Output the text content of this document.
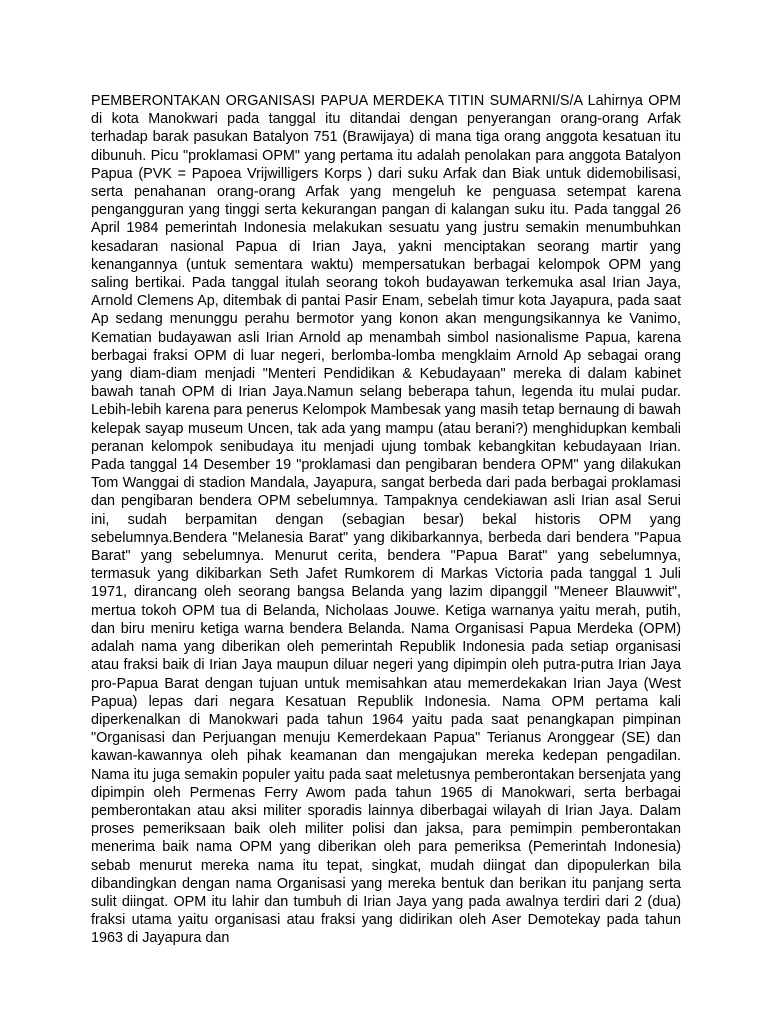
PEMBERONTAKAN ORGANISASI PAPUA MERDEKA TITIN SUMARNI/S/A Lahirnya OPM di kota Manokwari pada tanggal itu ditandai dengan penyerangan orang-orang Arfak terhadap barak pasukan Batalyon 751 (Brawijaya) di mana tiga orang anggota kesatuan itu dibunuh. Picu "proklamasi OPM" yang pertama itu adalah penolakan para anggota Batalyon Papua (PVK = Papoea Vrijwilligers Korps ) dari suku Arfak dan Biak untuk didemobilisasi, serta penahanan orang-orang Arfak yang mengeluh ke penguasa setempat karena pengangguran yang tinggi serta kekurangan pangan di kalangan suku itu. Pada tanggal 26 April 1984 pemerintah Indonesia melakukan sesuatu yang justru semakin menumbuhkan kesadaran nasional Papua di Irian Jaya, yakni menciptakan seorang martir yang kenangannya (untuk sementara waktu) mempersatukan berbagai kelompok OPM yang saling bertikai. Pada tanggal itulah seorang tokoh budayawan terkemuka asal Irian Jaya, Arnold Clemens Ap, ditembak di pantai Pasir Enam, sebelah timur kota Jayapura, pada saat Ap sedang menunggu perahu bermotor yang konon akan mengungsikannya ke Vanimo, Kematian budayawan asli Irian Arnold ap menambah simbol nasionalisme Papua, karena berbagai fraksi OPM di luar negeri, berlomba-lomba mengklaim Arnold Ap sebagai orang yang diam-diam menjadi "Menteri Pendidikan & Kebudayaan" mereka di dalam kabinet bawah tanah OPM di Irian Jaya.Namun selang beberapa tahun, legenda itu mulai pudar. Lebih-lebih karena para penerus Kelompok Mambesak yang masih tetap bernaung di bawah kelepak sayap museum Uncen, tak ada yang mampu (atau berani?) menghidupkan kembali peranan kelompok senibudaya itu menjadi ujung tombak kebangkitan kebudayaan Irian. Pada tanggal 14 Desember 19 "proklamasi dan pengibaran bendera OPM" yang dilakukan Tom Wanggai di stadion Mandala, Jayapura, sangat berbeda dari pada berbagai proklamasi dan pengibaran bendera OPM sebelumnya. Tampaknya cendekiawan asli Irian asal Serui ini, sudah berpamitan dengan (sebagian besar) bekal historis OPM yang sebelumnya.Bendera "Melanesia Barat" yang dikibarkannya, berbeda dari bendera "Papua Barat" yang sebelumnya. Menurut cerita, bendera "Papua Barat" yang sebelumnya, termasuk yang dikibarkan Seth Jafet Rumkorem di Markas Victoria pada tanggal 1 Juli 1971, dirancang oleh seorang bangsa Belanda yang lazim dipanggil "Meneer Blauwwit", mertua tokoh OPM tua di Belanda, Nicholaas Jouwe. Ketiga warnanya yaitu merah, putih, dan biru meniru ketiga warna bendera Belanda. Nama Organisasi Papua Merdeka (OPM) adalah nama yang diberikan oleh pemerintah Republik Indonesia pada setiap organisasi atau fraksi baik di Irian Jaya maupun diluar negeri yang dipimpin oleh putra-putra Irian Jaya pro-Papua Barat dengan tujuan untuk memisahkan atau memerdekakan Irian Jaya (West Papua) lepas dari negara Kesatuan Republik Indonesia. Nama OPM pertama kali diperkenalkan di Manokwari pada tahun 1964 yaitu pada saat penangkapan pimpinan "Organisasi dan Perjuangan menuju Kemerdekaan Papua" Terianus Aronggear (SE) dan kawan-kawannya oleh pihak keamanan dan mengajukan mereka kedepan pengadilan. Nama itu juga semakin populer yaitu pada saat meletusnya pemberontakan bersenjata yang dipimpin oleh Permenas Ferry Awom pada tahun 1965 di Manokwari, serta berbagai pemberontakan atau aksi militer sporadis lainnya diberbagai wilayah di Irian Jaya. Dalam proses pemeriksaan baik oleh militer polisi dan jaksa, para pemimpin pemberontakan menerima baik nama OPM yang diberikan oleh para pemeriksa (Pemerintah Indonesia) sebab menurut mereka nama itu tepat, singkat, mudah diingat dan dipopulerkan bila dibandingkan dengan nama Organisasi yang mereka bentuk dan berikan itu panjang serta sulit diingat. OPM itu lahir dan tumbuh di Irian Jaya yang pada awalnya terdiri dari 2 (dua) fraksi utama yaitu organisasi atau fraksi yang didirikan oleh Aser Demotekay pada tahun 1963 di Jayapura dan
